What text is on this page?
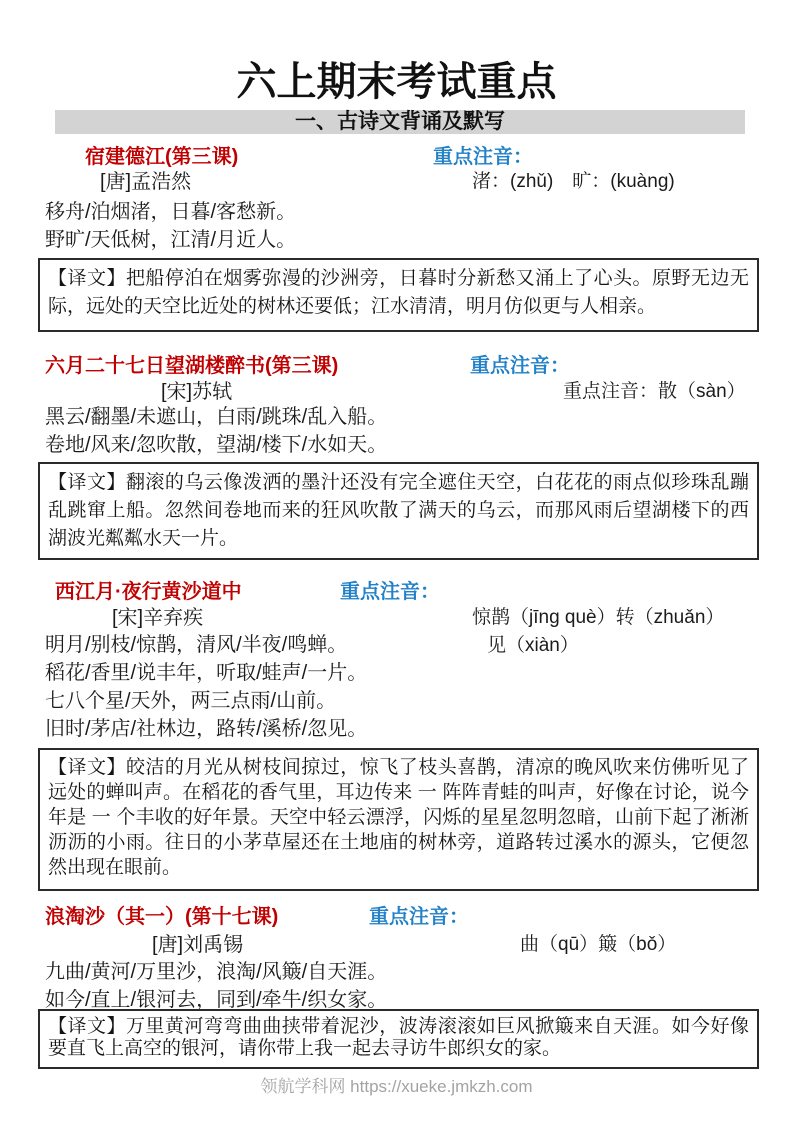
六上期末考试重点
一、古诗文背诵及默写
宿建德江(第三课)	重点注音：
[唐]孟浩然	渚：(zhǔ)　旷：(kuàng)
移舟/泊烟渚，日暮/客愁新。
野旷/天低树，江清/月近人。
【译文】把船停泊在烟雾弥漫的沙洲旁，日暮时分新愁又涌上了心头。原野无边无际，远处的天空比近处的树林还要低；江水清清，明月仿似更与人相亲。
六月二十七日望湖楼醉书(第三课)	重点注音：
[宋]苏轼	重点注音：散（sàn）
黑云/翻墨/未遮山，白雨/跳珠/乱入船。
卷地/风来/忽吹散，望湖/楼下/水如天。
【译文】翻滚的乌云像泼洒的墨汁还没有完全遮住天空，白花花的雨点似珍珠乱蹦乱跳窜上船。忽然间卷地而来的狂风吹散了满天的乌云，而那风雨后望湖楼下的西湖波光粼粼水天一片。
西江月·夜行黄沙道中	重点注音：
[宋]辛弃疾	惊鹊（jīng què）转（zhuǎn）
见（xiàn）
明月/别枝/惊鹊，清风/半夜/鸣蝉。
稻花/香里/说丰年，听取/蛙声/一片。
七八个星/天外，两三点雨/山前。
旧时/茅店/社林边，路转/溪桥/忽见。
【译文】皎洁的月光从树枝间掠过，惊飞了枝头喜鹊，清凉的晚风吹来仿佛听见了远处的蝉叫声。在稻花的香气里，耳边传来 一 阵阵青蛙的叫声，好像在讨论，说今年是 一 个丰收的好年景。天空中轻云漂浮，闪烁的星星忽明忽暗，山前下起了淅淅沥沥的小雨。往日的小茅草屋还在土地庙的树林旁，道路转过溪水的源头，它便忽然出现在眼前。
浪淘沙（其一）(第十七课)	重点注音：
[唐]刘禹锡	曲（qū）簸（bǒ）
九曲/黄河/万里沙，浪淘/风簸/自天涯。
如今/直上/银河去，同到/牵牛/织女家。
【译文】万里黄河弯弯曲曲挟带着泥沙，波涛滚滚如巨风掀簸来自天涯。如今好像要直飞上高空的银河，请你带上我一起去寻访牛郎织女的家。
领航学科网 https://xueke.jmkzh.com
